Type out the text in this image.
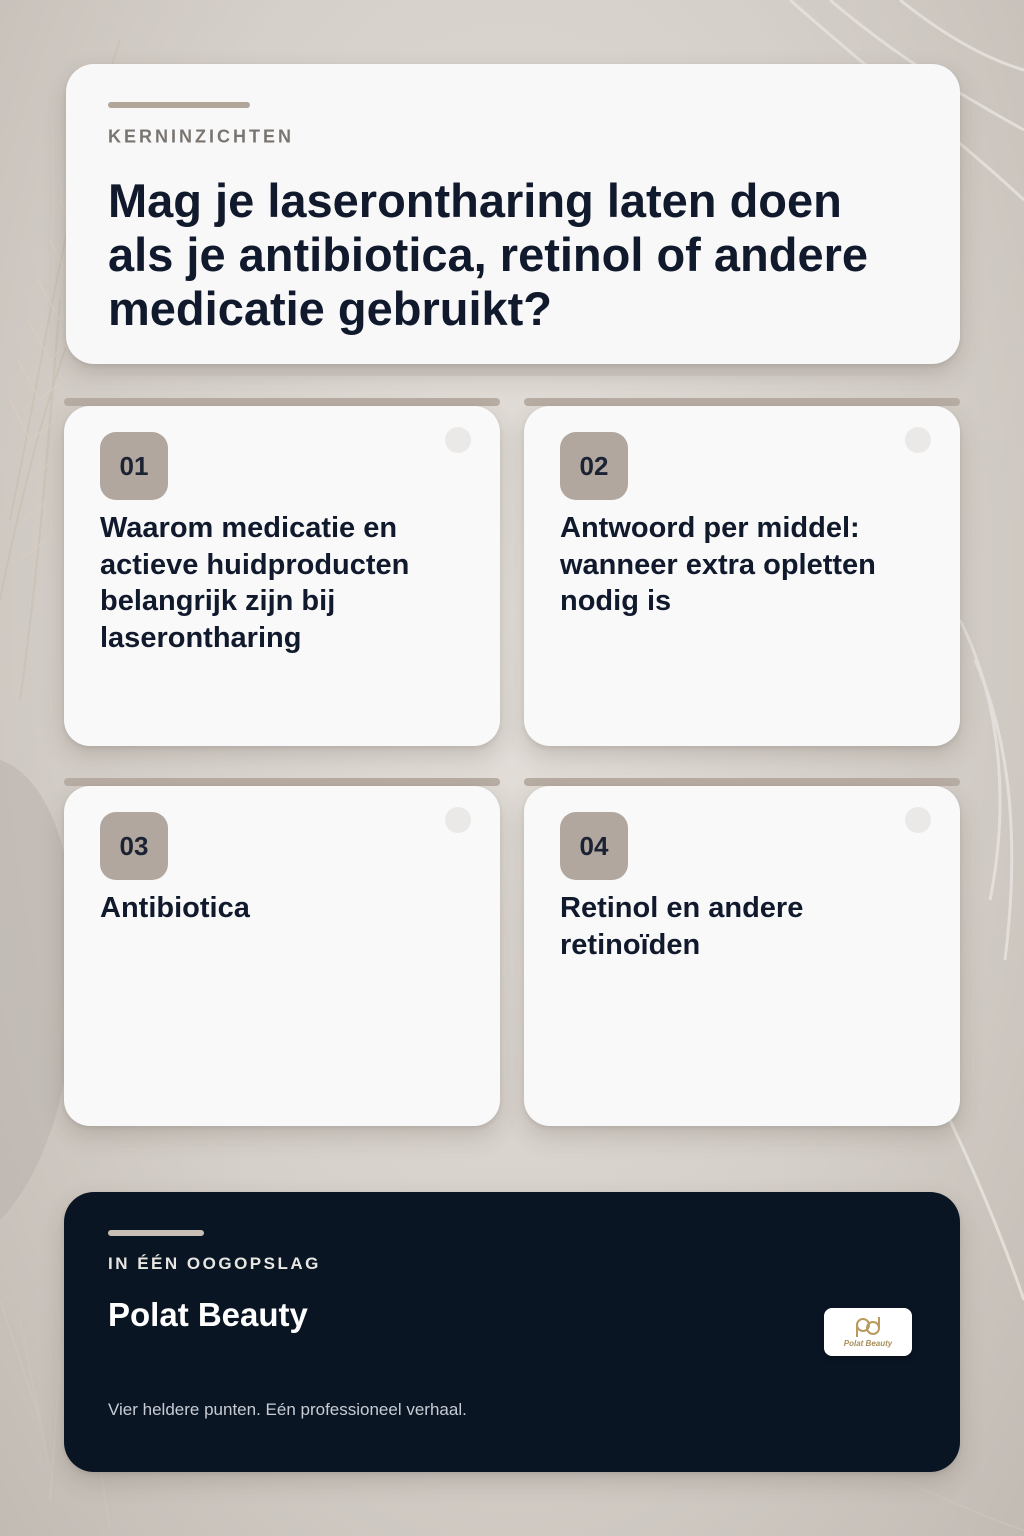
KERNINZICHTEN
Mag je laserontharing laten doen als je antibiotica, retinol of andere medicatie gebruikt?
01

Waarom medicatie en actieve huidproducten belangrijk zijn bij laserontharing

02

Antwoord per middel: wanneer extra opletten nodig is

03

Antibiotica

04

Retinol en andere retinoïden

IN ÉÉN OOGOPSLAG
Polat Beauty

Vier heldere punten. Eén professioneel verhaal.

Polat Beauty
